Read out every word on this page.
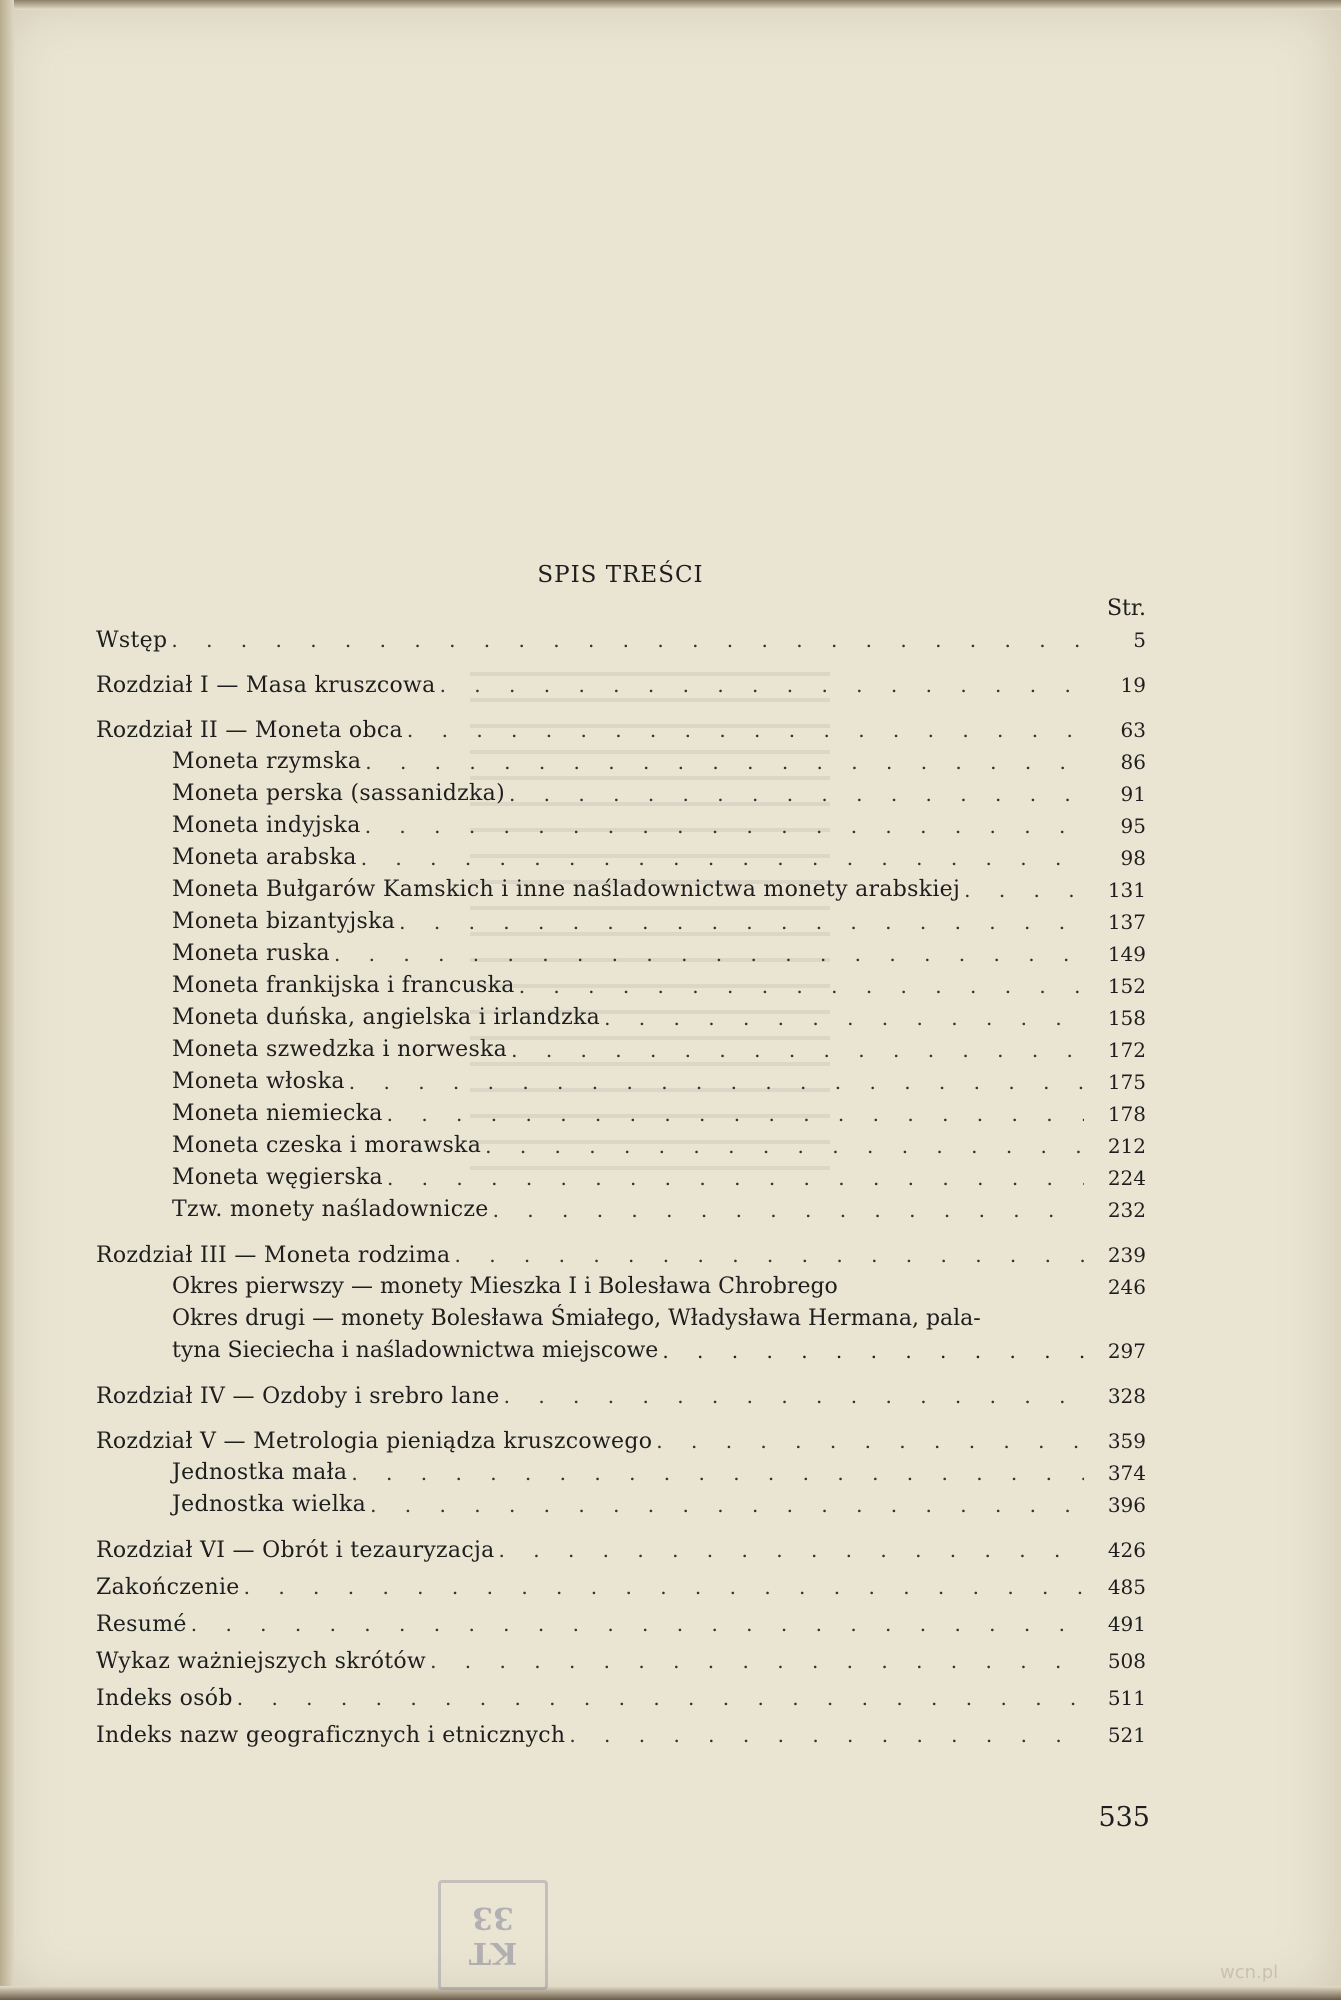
SPIS TREŚCI
Str.
Wstęp . . .	5
Rozdział I — Masa kruszcowa . . .	19
Rozdział II — Moneta obca . . .	63
Moneta rzymska . . .	86
Moneta perska (sassanidzka) . . .	91
Moneta indyjska . . .	95
Moneta arabska . . .	98
Moneta Bułgarów Kamskich i inne naśladownictwa monety arabskiej . . .	131
Moneta bizantyjska . . .	137
Moneta ruska . . .	149
Moneta frankijska i francuska . . .	152
Moneta duńska, angielska i irlandzka . . .	158
Moneta szwedzka i norweska . . .	172
Moneta włoska . . .	175
Moneta niemiecka . . .	178
Moneta czeska i morawska . . .	212
Moneta węgierska . . .	224
Tzw. monety naśladownicze . . .	232
Rozdział III — Moneta rodzima . . .	239
Okres pierwszy — monety Mieszka I i Bolesława Chrobrego	246
Okres drugi — monety Bolesława Śmiałego, Władysława Hermana, pala-
tyna Sieciecha i naśladownictwa miejscowe . . .	297
Rozdział IV — Ozdoby i srebro lane . . .	328
Rozdział V — Metrologia pieniądza kruszcowego . . .	359
Jednostka mała . . .	374
Jednostka wielka . . .	396
Rozdział VI — Obrót i tezauryzacja . . .	426
Zakończenie . . .	485
Resumé . . .	491
Wykaz ważniejszych skrótów . . .	508
Indeks osób . . .	511
Indeks nazw geograficznych i etnicznych . . .	521
535
KT
33
wcn.pl
